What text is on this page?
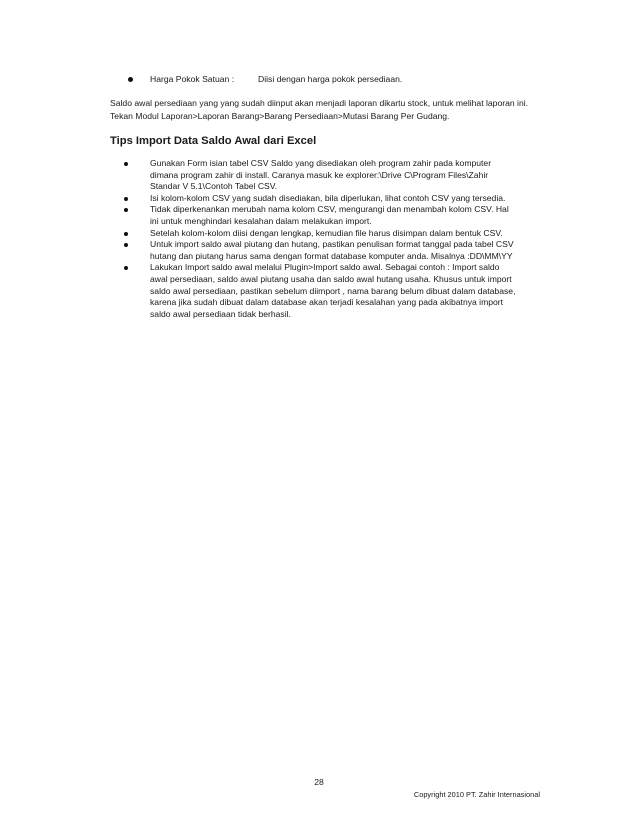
Harga Pokok Satuan :	Diisi dengan harga pokok persediaan.

Saldo awal persediaan yang yang sudah diinput akan menjadi laporan dikartu stock, untuk melihat laporan ini.

Tekan Modul Laporan>Laporan Barang>Barang Persediaan>Mutasi Barang Per Gudang.

Tips Import Data Saldo Awal dari Excel
Gunakan Form isian tabel CSV Saldo yang disediakan oleh program zahir pada komputer dimana program zahir di install. Caranya masuk ke explorer:\Drive C\Program Files\Zahir Standar V 5.1\Contoh Tabel CSV.
Isi kolom-kolom CSV yang sudah disediakan, bila diperlukan, lihat contoh CSV yang tersedia.
Tidak diperkenankan merubah nama kolom CSV, mengurangi dan menambah kolom CSV. Hal ini untuk menghindari kesalahan dalam melakukan import.
Setelah kolom-kolom diisi dengan lengkap, kemudian file harus disimpan dalam bentuk CSV.
Untuk import saldo awal piutang dan hutang, pastikan penulisan format tanggal pada tabel CSV hutang dan piutang harus sama dengan format database komputer anda. Misalnya :DD\MM\YY
Lakukan Import saldo awal melalui Plugin>Import saldo awal. Sebagai contoh : Import saldo awal persediaan, saldo awal piutang usaha dan saldo awal hutang usaha. Khusus untuk import saldo awal persediaan, pastikan sebelum diimport , nama barang belum dibuat dalam database, karena jika sudah dibuat dalam database akan terjadi kesalahan yang pada akibatnya import saldo awal persediaan tidak berhasil.
28
Copyright 2010 PT. Zahir Internasional
